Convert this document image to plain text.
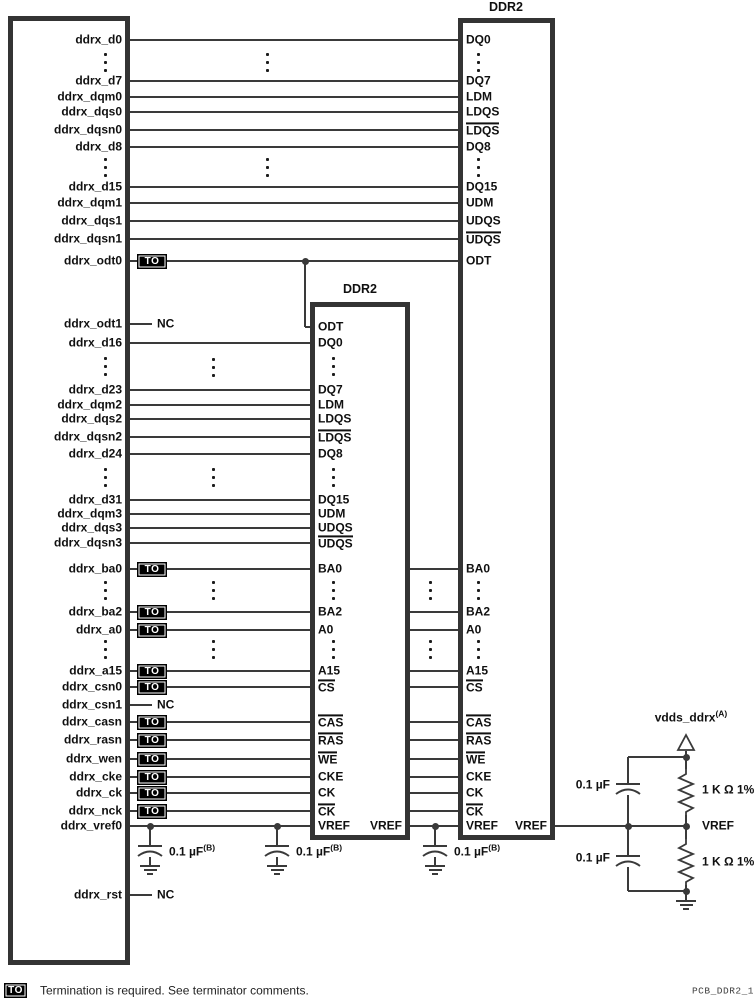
DDR2
DDR2
TO	Termination is required. See terminator comments.	PCB_DDR2_1
ddrx_d0	DQ0
ddrx_d7	DQ7
ddrx_dqm0	LDM
ddrx_dqs0	LDQS
ddrx_dqsn0	LDQS
ddrx_d8	DQ8
ddrx_d15	DQ15
ddrx_dqm1	UDM
ddrx_dqs1	UDQS
ddrx_dqsn1	UDQS
ddrx_odt0	TO	ODT
ddrx_odt1	NC
ddrx_d16	DQ0
ddrx_d23	DQ7
ddrx_dqm2	LDM
ddrx_dqs2	LDQS
ddrx_dqsn2	LDQS
ddrx_d24	DQ8
ddrx_d31	DQ15
ddrx_dqm3	UDM
ddrx_dqs3	UDQS
ddrx_dqsn3	UDQS
ddrx_ba0	TO	BA0	BA0
ddrx_ba2	TO	BA2	BA2
ddrx_a0	TO	A0	A0
ddrx_a15	TO	A15	A15
ddrx_csn0	TO	CS	CS
ddrx_csn1	NC
ddrx_casn	TO	CAS	CAS
ddrx_rasn	TO	RAS	RAS
ddrx_wen	TO	WE	WE
ddrx_cke	TO	CKE	CKE
ddrx_ck	TO	CK	CK
ddrx_nck	TO	CK	CK
ddrx_vref0	VREF VREF	VREF VREF
ddrx_rst	NC
ODT
0.1 µF$^{(B)}$	0.1 µF$^{(B)}$	0.1 µF$^{(B)}$
vdds_ddrx$^{(A)}$
0.1 µF
0.1 µF
1 K Ω 1%
1 K Ω 1%
VREF
